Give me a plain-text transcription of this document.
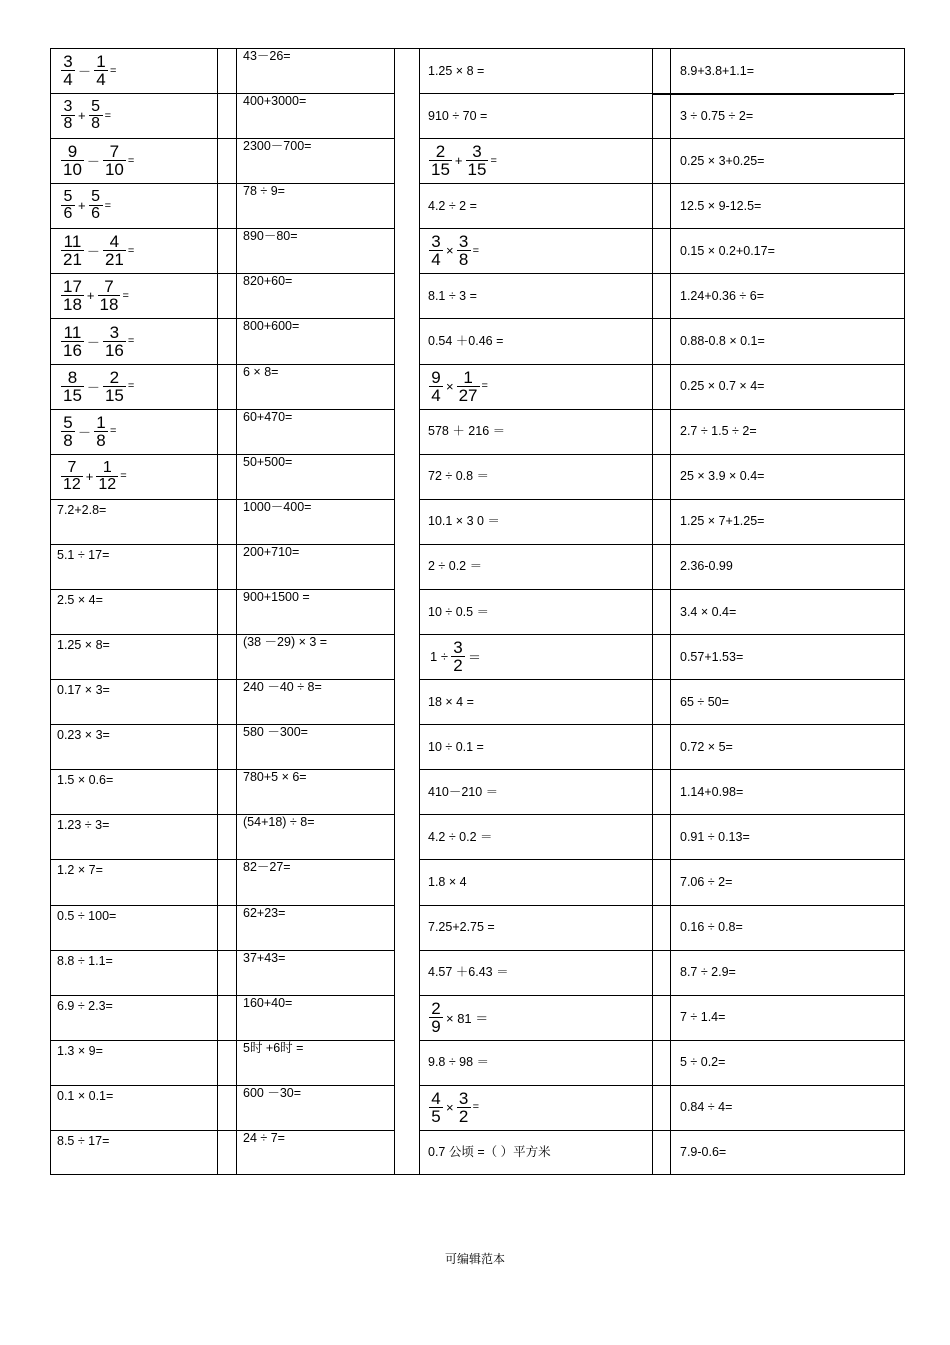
$\frac{3}{4} - \frac{1}{4}$ =
$\frac{3}{8} + \frac{5}{8}$ =
$\frac{9}{10} - \frac{7}{10}$ =
$\frac{5}{6} + \frac{5}{6}$ =
$\frac{11}{21} - \frac{4}{21}$ =
$\frac{17}{18} + \frac{7}{18}$ =
$\frac{11}{16} - \frac{3}{16}$ =
$\frac{8}{15} - \frac{2}{15}$ =
$\frac{5}{8} - \frac{1}{8}$ =
$\frac{7}{12} + \frac{1}{12}$ =
7.2+2.8=
5.1 ÷ 17=
2.5 × 4=
1.25 × 8=
0.17 × 3=
0.23 × 3=
1.5 × 0.6=
1.23 ÷ 3=
1.2 × 7=
0.5 ÷ 100=
8.8 ÷ 1.1=
6.9 ÷ 2.3=
1.3 × 9=
0.1 × 0.1=
8.5 ÷ 17=
43－26=
400+3000=
2300－700=
78 ÷ 9=
890－80=
820+60=
800+600=
6 × 8=
60+470=
50+500=
1000－400=
200+710=
900+1500 =
(38 －29) × 3 =
240 －40 ÷ 8=
580 －300=
780+5 × 6=
(54+18) ÷ 8=
82－27=
62+23=
37+43=
160+40=
5时 +6时 =
600 －30=
24 ÷ 7=
1.25 × 8 =
910 ÷ 70 =
$\frac{2}{15} + \frac{3}{15}$ =
4.2 ÷ 2 =
$\frac{3}{4} \times \frac{3}{8}$ =
8.1 ÷ 3 =
0.54 ＋0.46 =
$\frac{9}{4} \times \frac{1}{27}$ =
578 ＋ 216 ＝
72 ÷ 0.8 ＝
10.1 × 3 0 ＝
2 ÷ 0.2 ＝
10 ÷ 0.5 ＝
$1 \div \frac{3}{2}$ ＝
18 × 4 =
10 ÷ 0.1 =
410－210 ＝
4.2 ÷ 0.2 ＝
1.8 × 4
7.25+2.75 =
4.57 ＋6.43 ＝
$\frac{2}{9} \times 81$ ＝
9.8 ÷ 98 ＝
$\frac{4}{5} \times \frac{3}{2}$ =
0.7 公顷 =（ ）平方米
8.9+3.8+1.1=
3 ÷ 0.75 ÷ 2=
0.25 × 3+0.25=
12.5 × 9-12.5=
0.15 × 0.2+0.17=
1.24+0.36 ÷ 6=
0.88-0.8 × 0.1=
0.25 × 0.7 × 4=
2.7 ÷ 1.5 ÷ 2=
25 × 3.9 × 0.4=
1.25 × 7+1.25=
2.36-0.99
3.4 × 0.4=
0.57+1.53=
65 ÷ 50=
0.72 × 5=
1.14+0.98=
0.91 ÷ 0.13=
7.06 ÷ 2=
0.16 ÷ 0.8=
8.7 ÷ 2.9=
7 ÷ 1.4=
5 ÷ 0.2=
0.84 ÷ 4=
7.9-0.6=
可编辑范本
